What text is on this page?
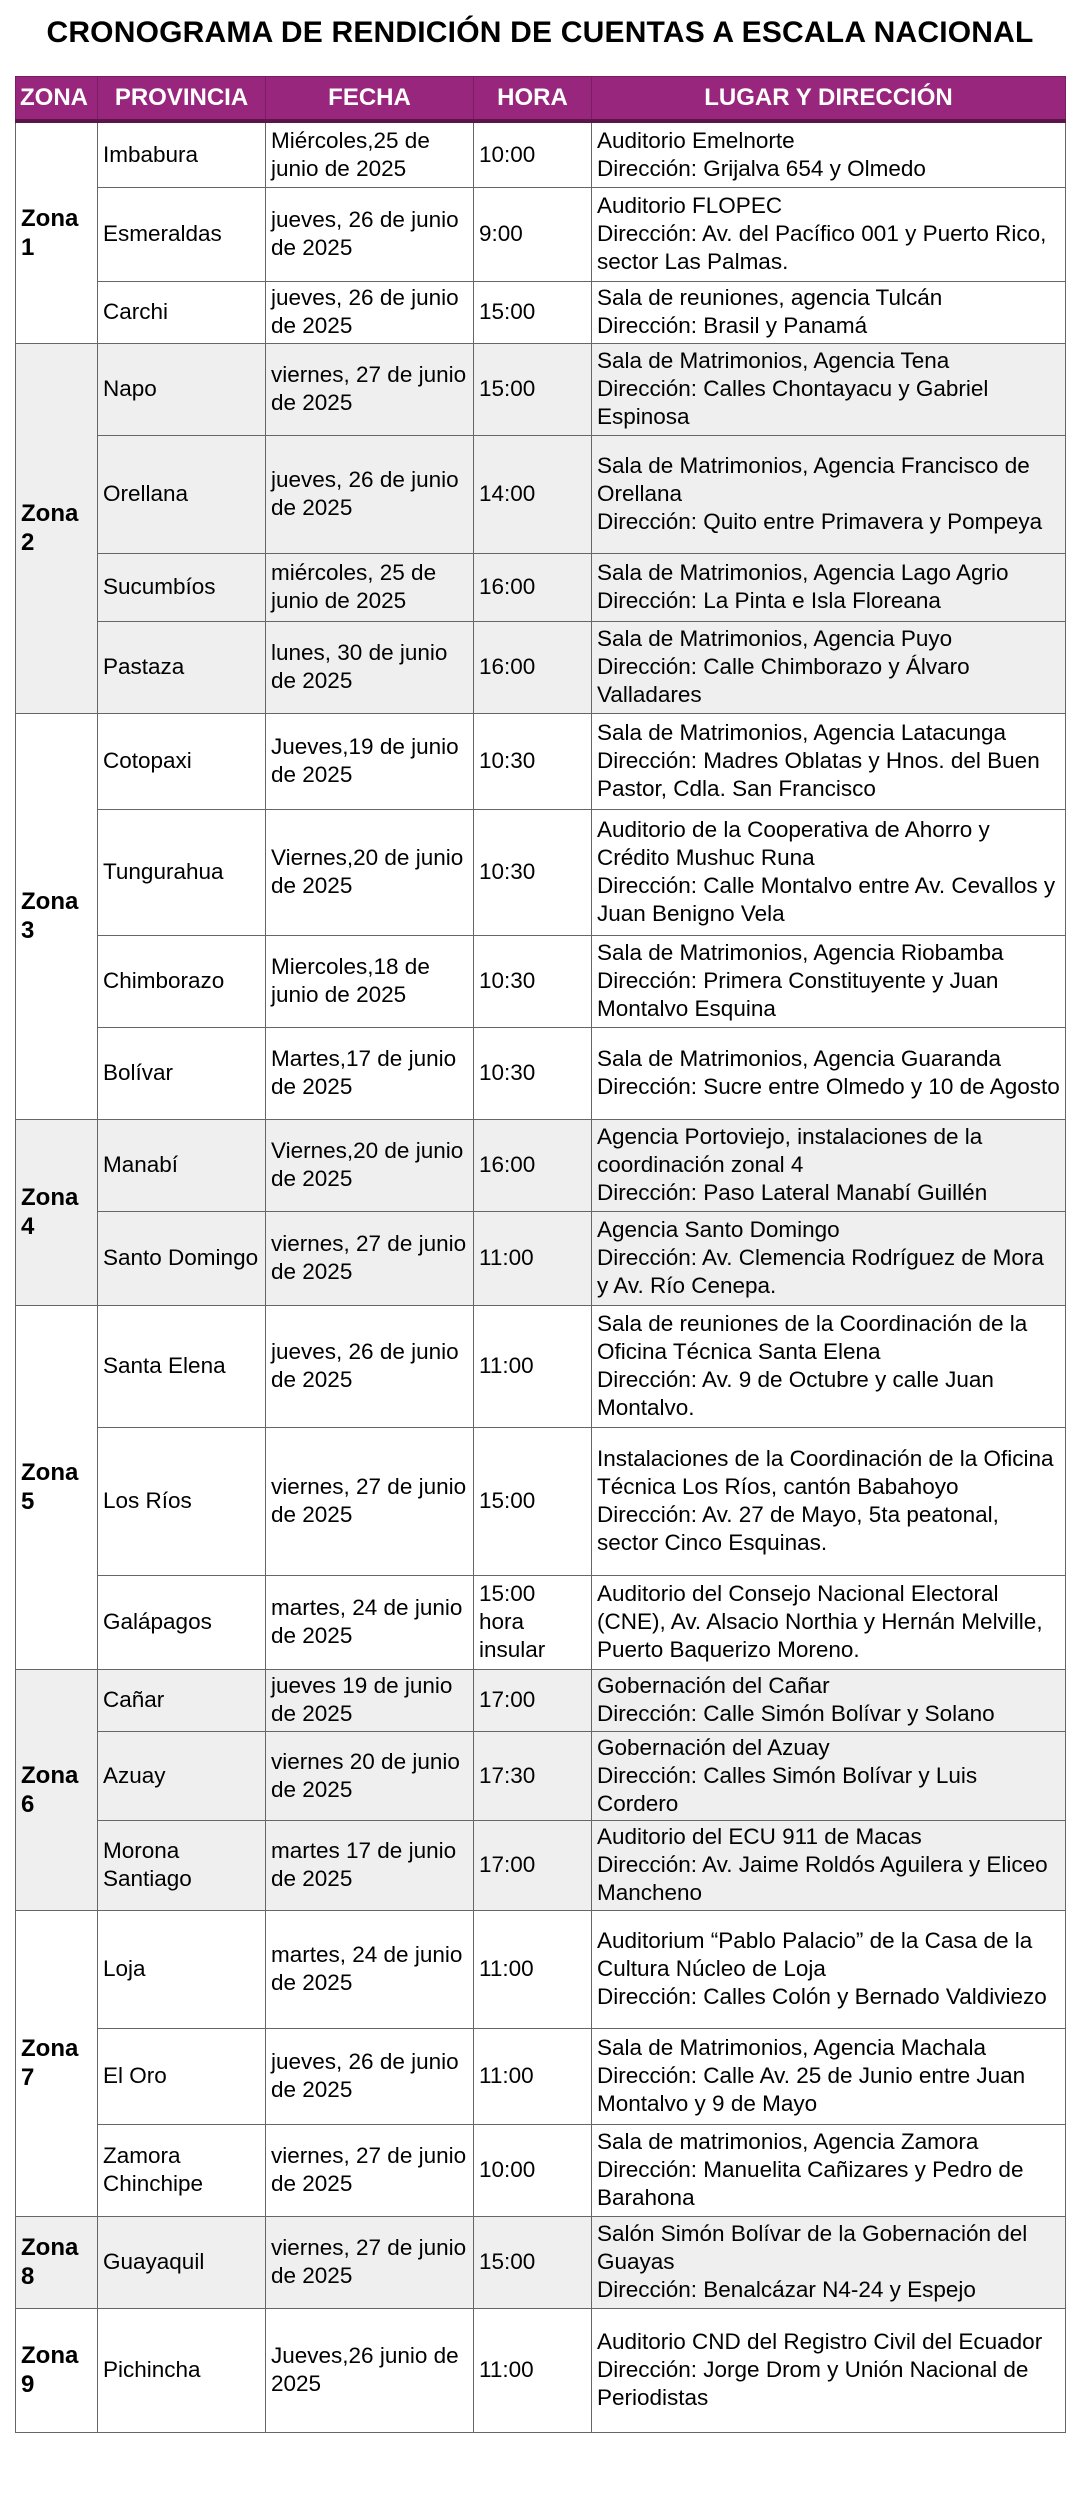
CRONOGRAMA DE RENDICIÓN DE CUENTAS A ESCALA NACIONAL
ZONA	PROVINCIA	FECHA	HORA	LUGAR Y DIRECCIÓN
Zona 1	Imbabura	Miércoles,25 de junio de 2025	10:00	Auditorio Emelnorte
Dirección: Grijalva 654 y Olmedo

	Esmeraldas	jueves, 26 de junio de 2025	9:00	Auditorio FLOPEC
Dirección: Av. del Pacífico 001 y Puerto Rico, sector Las Palmas.

	Carchi	jueves, 26 de junio de 2025	15:00	Sala de reuniones, agencia Tulcán
Dirección: Brasil y Panamá

Zona 2	Napo	viernes, 27 de junio de 2025	15:00	Sala de Matrimonios, Agencia Tena
Dirección: Calles Chontayacu y Gabriel Espinosa

	Orellana	jueves, 26 de junio de 2025	14:00	Sala de Matrimonios, Agencia Francisco de Orellana
Dirección: Quito entre Primavera y Pompeya

	Sucumbíos	miércoles, 25 de junio de 2025	16:00	Sala de Matrimonios, Agencia Lago Agrio
Dirección: La Pinta e Isla Floreana

	Pastaza	lunes, 30 de junio de 2025	16:00	Sala de Matrimonios, Agencia Puyo
Dirección: Calle Chimborazo y Álvaro Valladares

Zona 3	Cotopaxi	Jueves,19 de junio de 2025	10:30	Sala de Matrimonios, Agencia Latacunga
Dirección: Madres Oblatas y Hnos. del Buen Pastor, Cdla. San Francisco

	Tungurahua	Viernes,20 de junio de 2025	10:30	Auditorio de la Cooperativa de Ahorro y Crédito Mushuc Runa
Dirección: Calle Montalvo entre Av. Cevallos y Juan Benigno Vela

	Chimborazo	Miercoles,18 de junio de 2025	10:30	Sala de Matrimonios, Agencia Riobamba
Dirección: Primera Constituyente y Juan Montalvo Esquina

	Bolívar	Martes,17 de junio de 2025	10:30	Sala de Matrimonios, Agencia Guaranda
Dirección: Sucre entre Olmedo y 10 de Agosto

Zona 4	Manabí	Viernes,20 de junio de 2025	16:00	Agencia Portoviejo, instalaciones de la coordinación zonal 4
Dirección: Paso Lateral Manabí Guillén

	Santo Domingo	viernes, 27 de junio de 2025	11:00	Agencia Santo Domingo
Dirección: Av. Clemencia Rodríguez de Mora y Av. Río Cenepa.

Zona 5	Santa Elena	jueves, 26 de junio de 2025	11:00	Sala de reuniones de la Coordinación de la Oficina Técnica Santa Elena
Dirección: Av. 9 de Octubre y calle Juan Montalvo.

	Los Ríos	viernes, 27 de junio de 2025	15:00	Instalaciones de la Coordinación de la Oficina Técnica Los Ríos, cantón Babahoyo
Dirección: Av. 27 de Mayo, 5ta peatonal, sector Cinco Esquinas.

	Galápagos	martes, 24 de junio de 2025	15:00 hora insular	Auditorio del Consejo Nacional Electoral (CNE), Av. Alsacio Northia y Hernán Melville, Puerto Baquerizo Moreno.

Zona 6	Cañar	jueves 19 de junio de 2025	17:00	Gobernación del Cañar
Dirección: Calle Simón Bolívar y Solano

	Azuay	viernes 20 de junio de 2025	17:30	Gobernación del Azuay
Dirección: Calles Simón Bolívar y Luis Cordero

	Morona Santiago	martes 17 de junio de 2025	17:00	Auditorio del ECU 911 de Macas
Dirección: Av. Jaime Roldós Aguilera y Eliceo Mancheno

Zona 7	Loja	martes, 24 de junio de 2025	11:00	Auditorium “Pablo Palacio” de la Casa de la Cultura Núcleo de Loja
Dirección: Calles Colón y Bernado Valdiviezo

	El Oro	jueves, 26 de junio de 2025	11:00	Sala de Matrimonios, Agencia Machala
Dirección: Calle Av. 25 de Junio entre Juan Montalvo y 9 de Mayo

	Zamora Chinchipe	viernes, 27 de junio de 2025	10:00	Sala de matrimonios, Agencia Zamora
Dirección: Manuelita Cañizares y Pedro de Barahona

Zona 8	Guayaquil	viernes, 27 de junio de 2025	15:00	Salón Simón Bolívar de la Gobernación del Guayas
Dirección: Benalcázar N4-24 y Espejo

Zona 9	Pichincha	Jueves,26 junio de 2025	11:00	Auditorio CND del Registro Civil del Ecuador
Dirección: Jorge Drom y Unión Nacional de Periodistas
